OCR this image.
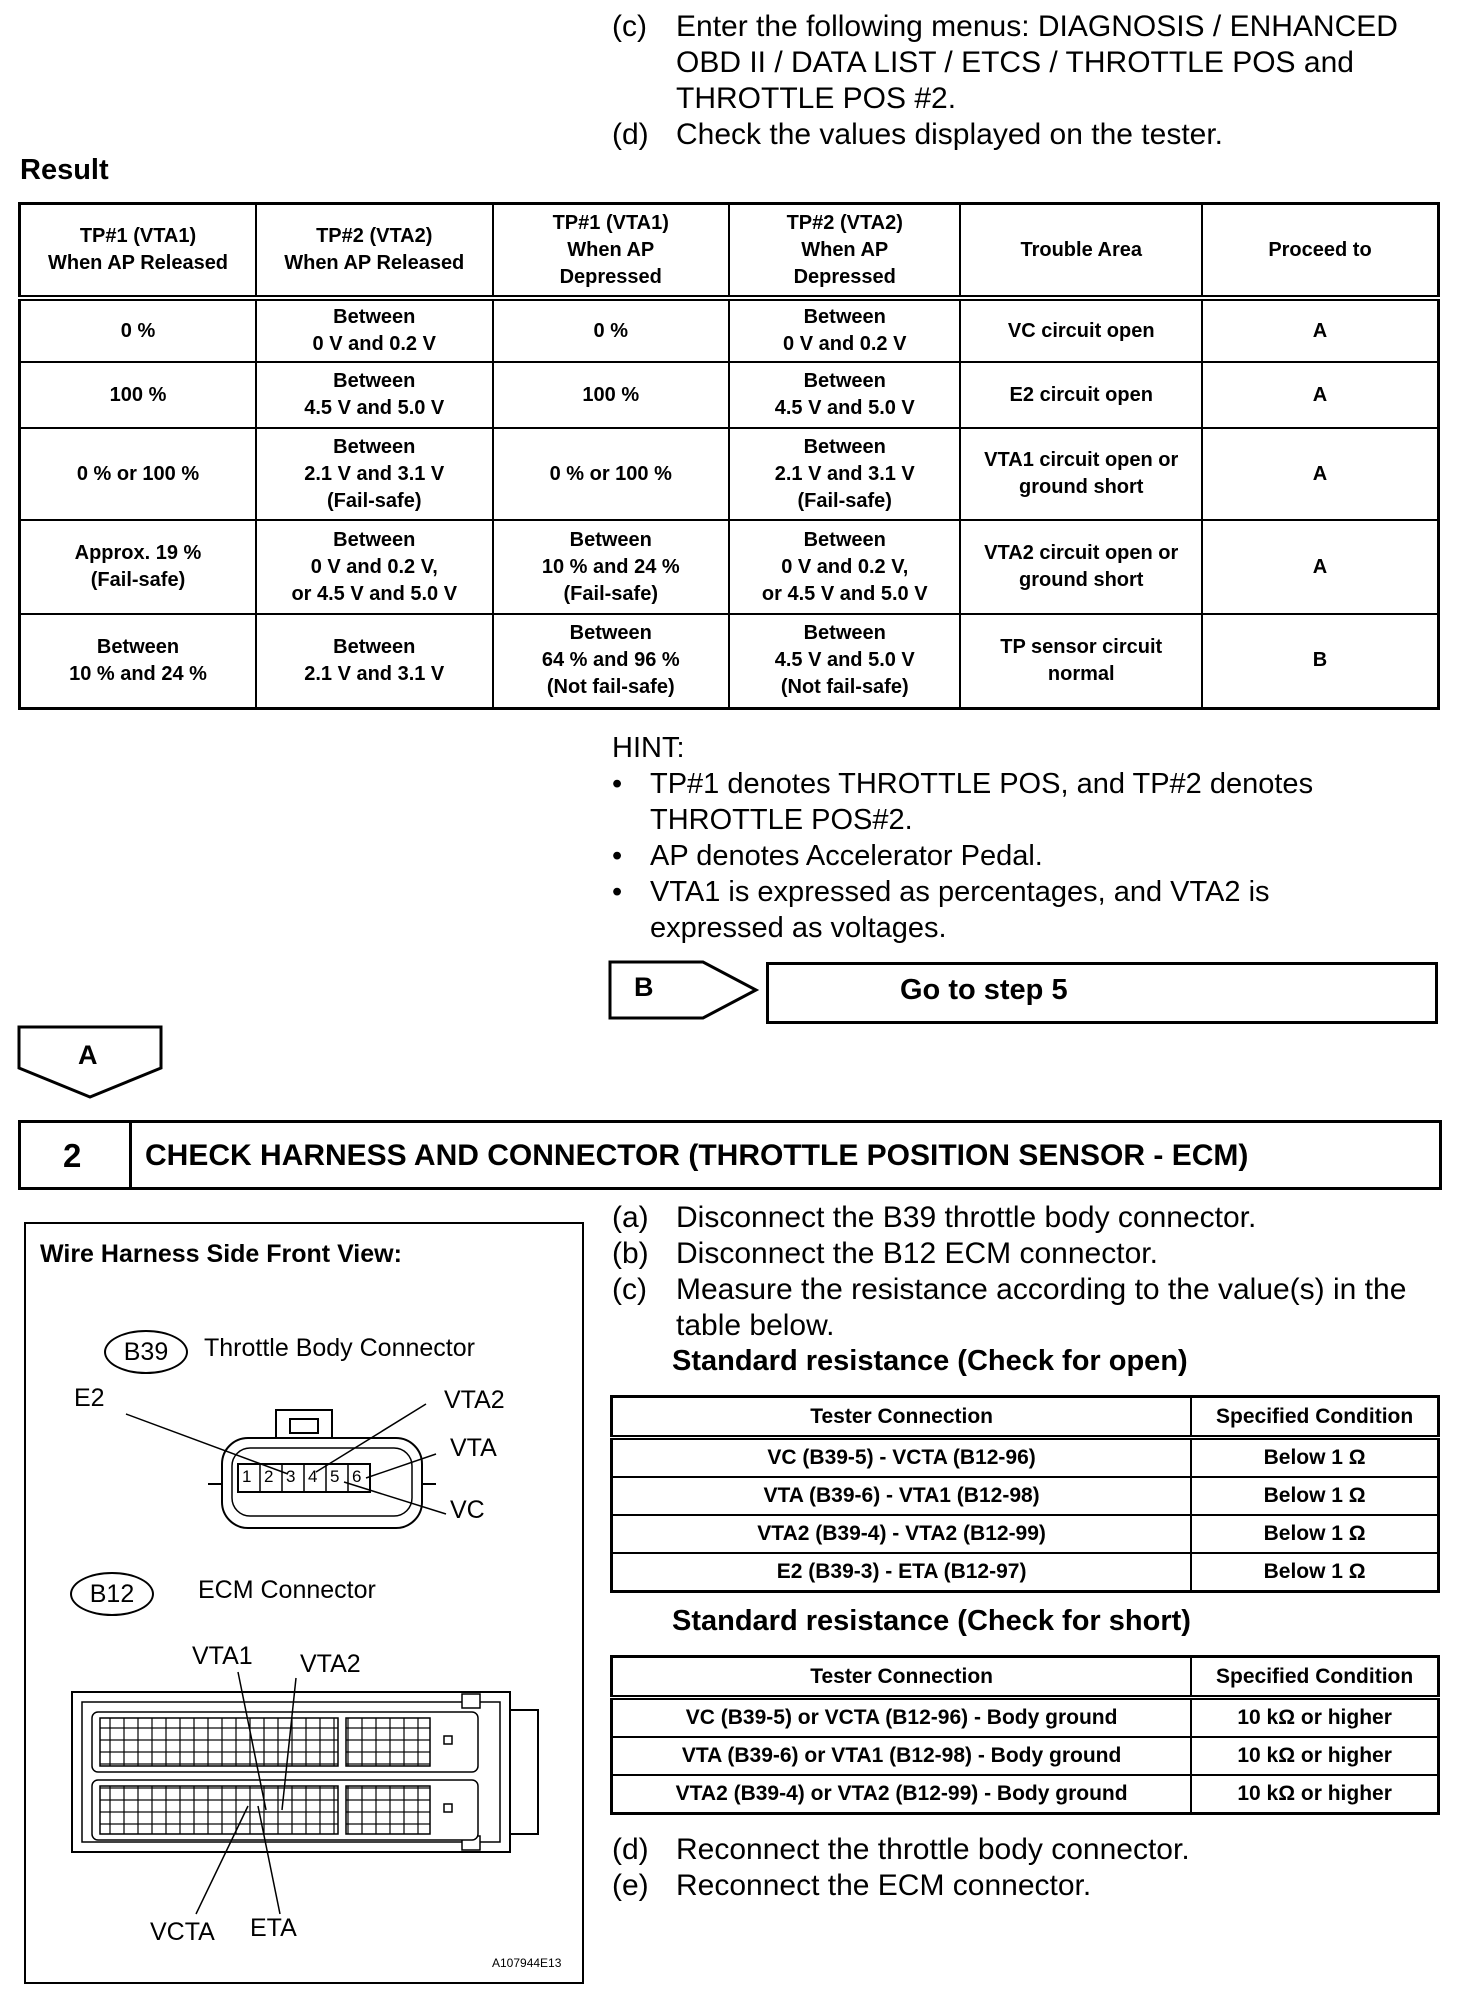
(c) Enter the following menus: DIAGNOSIS / ENHANCED
OBD II / DATA LIST / ETCS / THROTTLE POS and
THROTTLE POS #2.
(d) Check the values displayed on the tester.
Result
TP#1 (VTA1)
When AP Released	TP#2 (VTA2)
When AP Released	TP#1 (VTA1)
When AP
Depressed	TP#2 (VTA2)
When AP
Depressed	Trouble Area	Proceed to

0 %	Between
0 V and 0.2 V	0 %	Between
0 V and 0.2 V	VC circuit open	A

100 %	Between
4.5 V and 5.0 V	100 %	Between
4.5 V and 5.0 V	E2 circuit open	A

0 % or 100 %	Between
2.1 V and 3.1 V
(Fail-safe)	0 % or 100 %	Between
2.1 V and 3.1 V
(Fail-safe)	VTA1 circuit open or
ground short	A

Approx. 19 %
(Fail-safe)	Between
0 V and 0.2 V,
or 4.5 V and 5.0 V	Between
10 % and 24 %
(Fail-safe)	Between
0 V and 0.2 V,
or 4.5 V and 5.0 V	VTA2 circuit open or
ground short	A

Between
10 % and 24 %	Between
2.1 V and 3.1 V	Between
64 % and 96 %
(Not fail-safe)	Between
4.5 V and 5.0 V
(Not fail-safe)	TP sensor circuit
normal	B
HINT:
• TP#1 denotes THROTTLE POS, and TP#2 denotes
THROTTLE POS#2.
• AP denotes Accelerator Pedal.
• VTA1 is expressed as percentages, and VTA2 is
expressed as voltages.
B	Go to step 5
A
2 CHECK HARNESS AND CONNECTOR (THROTTLE POSITION SENSOR - ECM)
(a) Disconnect the B39 throttle body connector.
(b) Disconnect the B12 ECM connector.
(c) Measure the resistance according to the value(s) in the
table below.
Standard resistance (Check for open)
Tester Connection	Specified Condition
VC (B39-5) - VCTA (B12-96)	Below 1 Ω
VTA (B39-6) - VTA1 (B12-98)	Below 1 Ω
VTA2 (B39-4) - VTA2 (B12-99)	Below 1 Ω
E2 (B39-3) - ETA (B12-97)	Below 1 Ω
Standard resistance (Check for short)
Tester Connection	Specified Condition
VC (B39-5) or VCTA (B12-96) - Body ground	10 kΩ or higher
VTA (B39-6) or VTA1 (B12-98) - Body ground	10 kΩ or higher
VTA2 (B39-4) or VTA2 (B12-99) - Body ground	10 kΩ or higher
(d) Reconnect the throttle body connector.
(e) Reconnect the ECM connector.
Wire Harness Side Front View:
B39	Throttle Body Connector
1 2 3 4 5 6
E2	VTA2
VTA
VC
B12	ECM Connector
VTA1 VTA2
VCTA ETA
A107944E13
